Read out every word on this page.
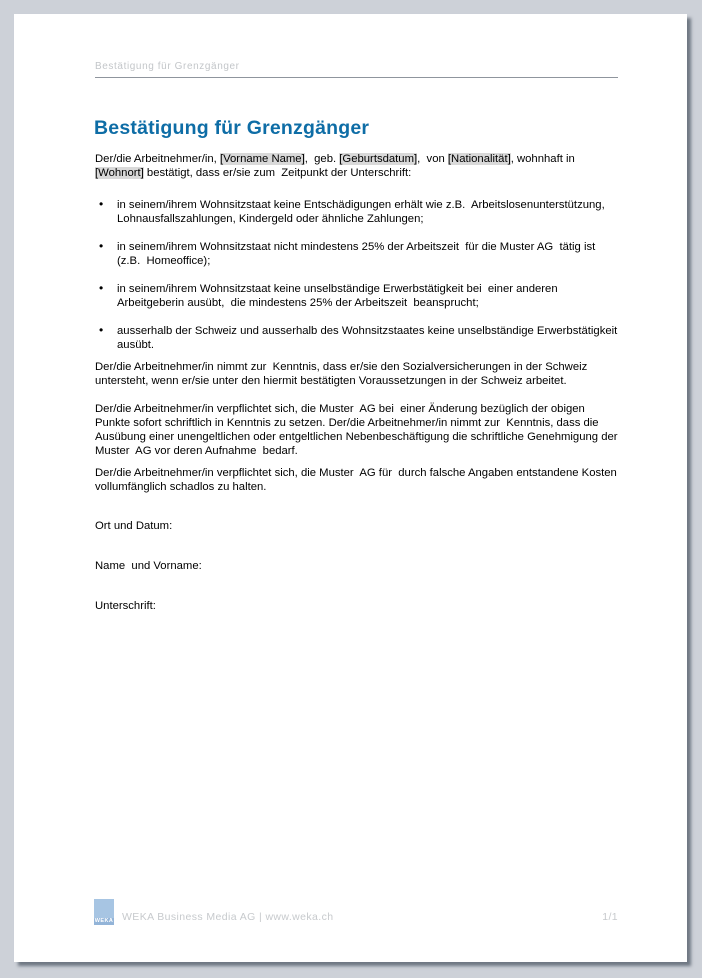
Bestätigung für Grenzgänger
Bestätigung für Grenzgänger

Der/die Arbeitnehmer/in, [Vorname Name],  geb. [Geburtsdatum],  von [Nationalität], wohnhaft in [Wohnort] bestätigt, dass er/sie zum  Zeitpunkt der Unterschrift:

• in seinem/ihrem Wohnsitzstaat keine Entschädigungen erhält wie z.B.  Arbeitslosenunterstützung, Lohnausfallszahlungen, Kindergeld oder ähnliche Zahlungen;
• in seinem/ihrem Wohnsitzstaat nicht mindestens 25% der Arbeitszeit  für die Muster AG  tätig ist (z.B.  Homeoffice);
• in seinem/ihrem Wohnsitzstaat keine unselbständige Erwerbstätigkeit bei  einer anderen Arbeitgeberin ausübt,  die mindestens 25% der Arbeitszeit  beansprucht;
• ausserhalb der Schweiz und ausserhalb des Wohnsitzstaates keine unselbständige Erwerbstätigkeit ausübt.

Der/die Arbeitnehmer/in nimmt zur  Kenntnis, dass er/sie den Sozialversicherungen in der Schweiz untersteht, wenn er/sie unter den hiermit bestätigten Voraussetzungen in der Schweiz arbeitet.

Der/die Arbeitnehmer/in verpflichtet sich, die Muster  AG bei  einer Änderung bezüglich der obigen Punkte sofort schriftlich in Kenntnis zu setzen. Der/die Arbeitnehmer/in nimmt zur  Kenntnis, dass die Ausübung einer unengeltlichen oder entgeltlichen Nebenbeschäftigung die schriftliche Genehmigung der Muster  AG vor deren Aufnahme  bedarf.

Der/die Arbeitnehmer/in verpflichtet sich, die Muster  AG für  durch falsche Angaben entstandene Kosten vollumfänglich schadlos zu halten.

Ort und Datum:
Name  und Vorname:
Unterschrift:
WEKA WEKA Business Media AG | www.weka.ch	1/1
